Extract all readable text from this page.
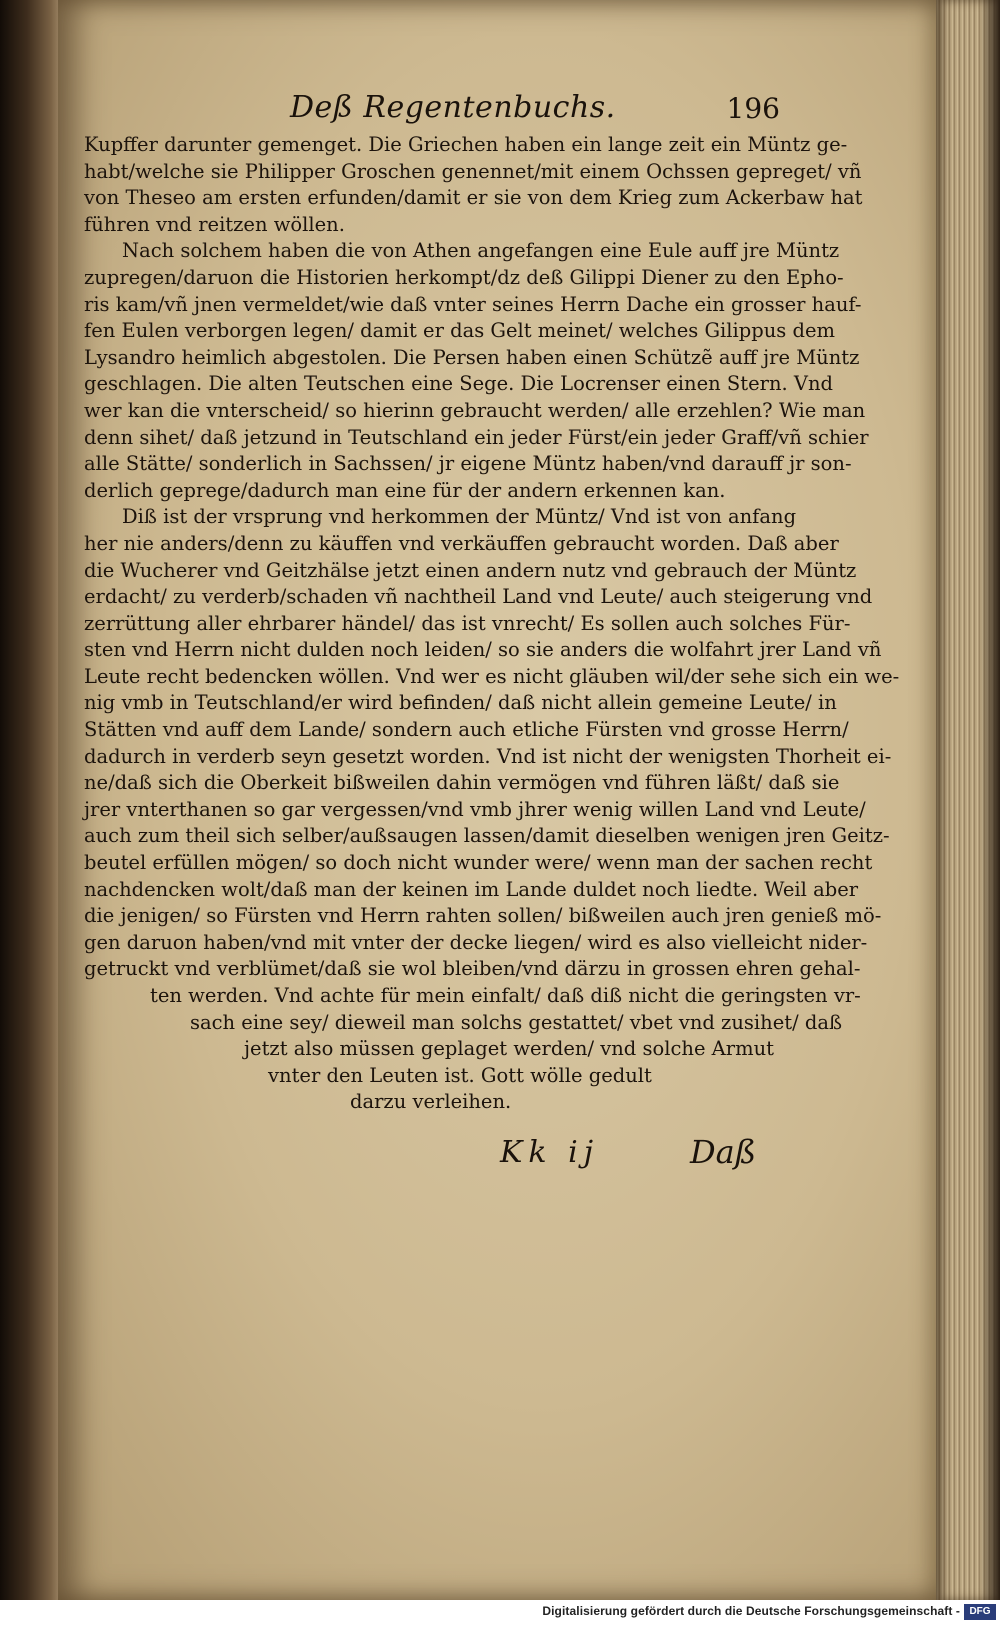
Deß Regentenbuchs.	196
Kupffer darunter gemenget. Die Griechen haben ein lange zeit ein Müntz ge-
habt/welche sie Philipper Groschen genennet/mit einem Ochssen gepreget/ vñ
von Theseo am ersten erfunden/damit er sie von dem Krieg zum Ackerbaw hat
führen vnd reitzen wöllen.
Nach solchem haben die von Athen angefangen eine Eule auff jre Müntz
zupregen/daruon die Historien herkompt/dz deß Gilippi Diener zu den Epho-
ris kam/vñ jnen vermeldet/wie daß vnter seines Herrn Dache ein grosser hauf-
fen Eulen verborgen legen/ damit er das Gelt meinet/ welches Gilippus dem
Lysandro heimlich abgestolen. Die Persen haben einen Schützẽ auff jre Müntz
geschlagen. Die alten Teutschen eine Sege. Die Locrenser einen Stern. Vnd
wer kan die vnterscheid/ so hierinn gebraucht werden/ alle erzehlen? Wie man
denn sihet/ daß jetzund in Teutschland ein jeder Fürst/ein jeder Graff/vñ schier
alle Stätte/ sonderlich in Sachssen/ jr eigene Müntz haben/vnd darauff jr son-
derlich geprege/dadurch man eine für der andern erkennen kan.
Diß ist der vrsprung vnd herkommen der Müntz/ Vnd ist von anfang
her nie anders/denn zu käuffen vnd verkäuffen gebraucht worden. Daß aber
die Wucherer vnd Geitzhälse jetzt einen andern nutz vnd gebrauch der Müntz
erdacht/ zu verderb/schaden vñ nachtheil Land vnd Leute/ auch steigerung vnd
zerrüttung aller ehrbarer händel/ das ist vnrecht/ Es sollen auch solches Für-
sten vnd Herrn nicht dulden noch leiden/ so sie anders die wolfahrt jrer Land vñ
Leute recht bedencken wöllen. Vnd wer es nicht gläuben wil/der sehe sich ein we-
nig vmb in Teutschland/er wird befinden/ daß nicht allein gemeine Leute/ in
Stätten vnd auff dem Lande/ sondern auch etliche Fürsten vnd grosse Herrn/
dadurch in verderb seyn gesetzt worden. Vnd ist nicht der wenigsten Thorheit ei-
ne/daß sich die Oberkeit bißweilen dahin vermögen vnd führen läßt/ daß sie
jrer vnterthanen so gar vergessen/vnd vmb jhrer wenig willen Land vnd Leute/
auch zum theil sich selber/außsaugen lassen/damit dieselben wenigen jren Geitz-
beutel erfüllen mögen/ so doch nicht wunder were/ wenn man der sachen recht
nachdencken wolt/daß man der keinen im Lande duldet noch liedte. Weil aber
die jenigen/ so Fürsten vnd Herrn rahten sollen/ bißweilen auch jren genieß mö-
gen daruon haben/vnd mit vnter der decke liegen/ wird es also vielleicht nider-
getruckt vnd verblümet/daß sie wol bleiben/vnd därzu in grossen ehren gehal-
ten werden. Vnd achte für mein einfalt/ daß diß nicht die geringsten vr-
sach eine sey/ dieweil man solchs gestattet/ vbet vnd zusihet/ daß
jetzt also müssen geplaget werden/ vnd solche Armut
vnter den Leuten ist. Gott wölle gedult
darzu verleihen.
Kk ij	Daß
Digitalisierung gefördert durch die Deutsche Forschungsgemeinschaft - DFG
